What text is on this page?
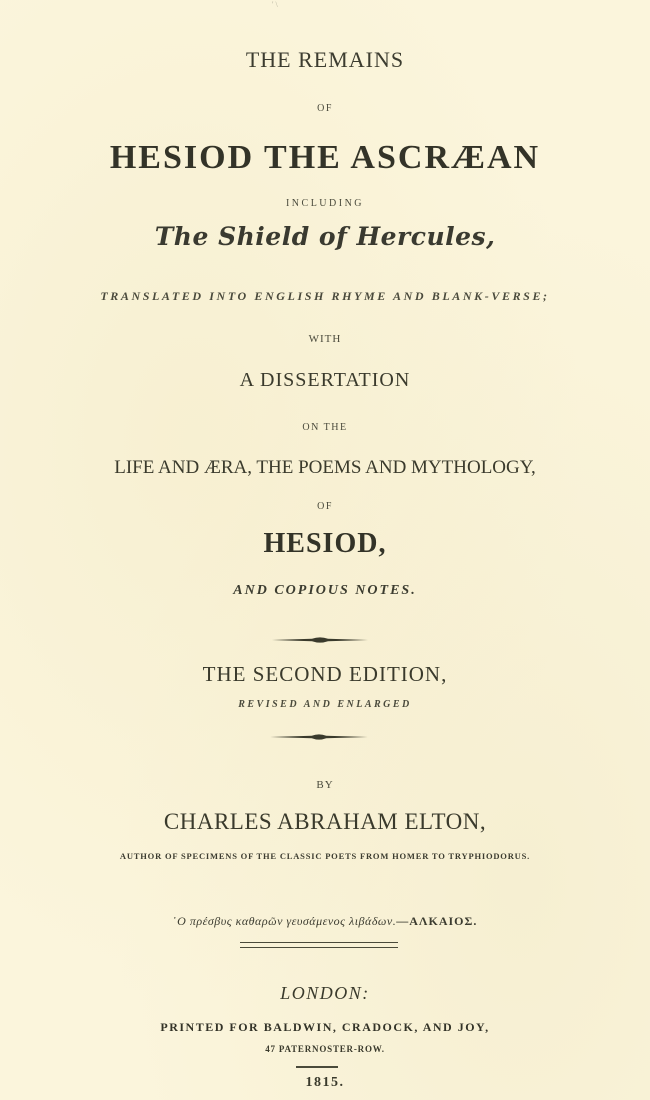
' \
THE REMAINS
OF
HESIOD THE ASCRÆAN
INCLUDING
The Shield of Hercules,
TRANSLATED INTO ENGLISH RHYME AND BLANK-VERSE;
WITH
A DISSERTATION
ON THE
LIFE AND ÆRA, THE POEMS AND MYTHOLOGY,
OF
HESIOD,
AND COPIOUS NOTES.
THE SECOND EDITION,
REVISED AND ENLARGED
BY
CHARLES ABRAHAM ELTON,
AUTHOR OF SPECIMENS OF THE CLASSIC POETS FROM HOMER TO TRYPHIODORUS.
῾Ο πρέσβυς καθαρῶν γευσάμενος λιβάδων.—ΑΛΚΑΙΟΣ.
LONDON:
PRINTED FOR BALDWIN, CRADOCK, AND JOY,
47 PATERNOSTER-ROW.
1815.
